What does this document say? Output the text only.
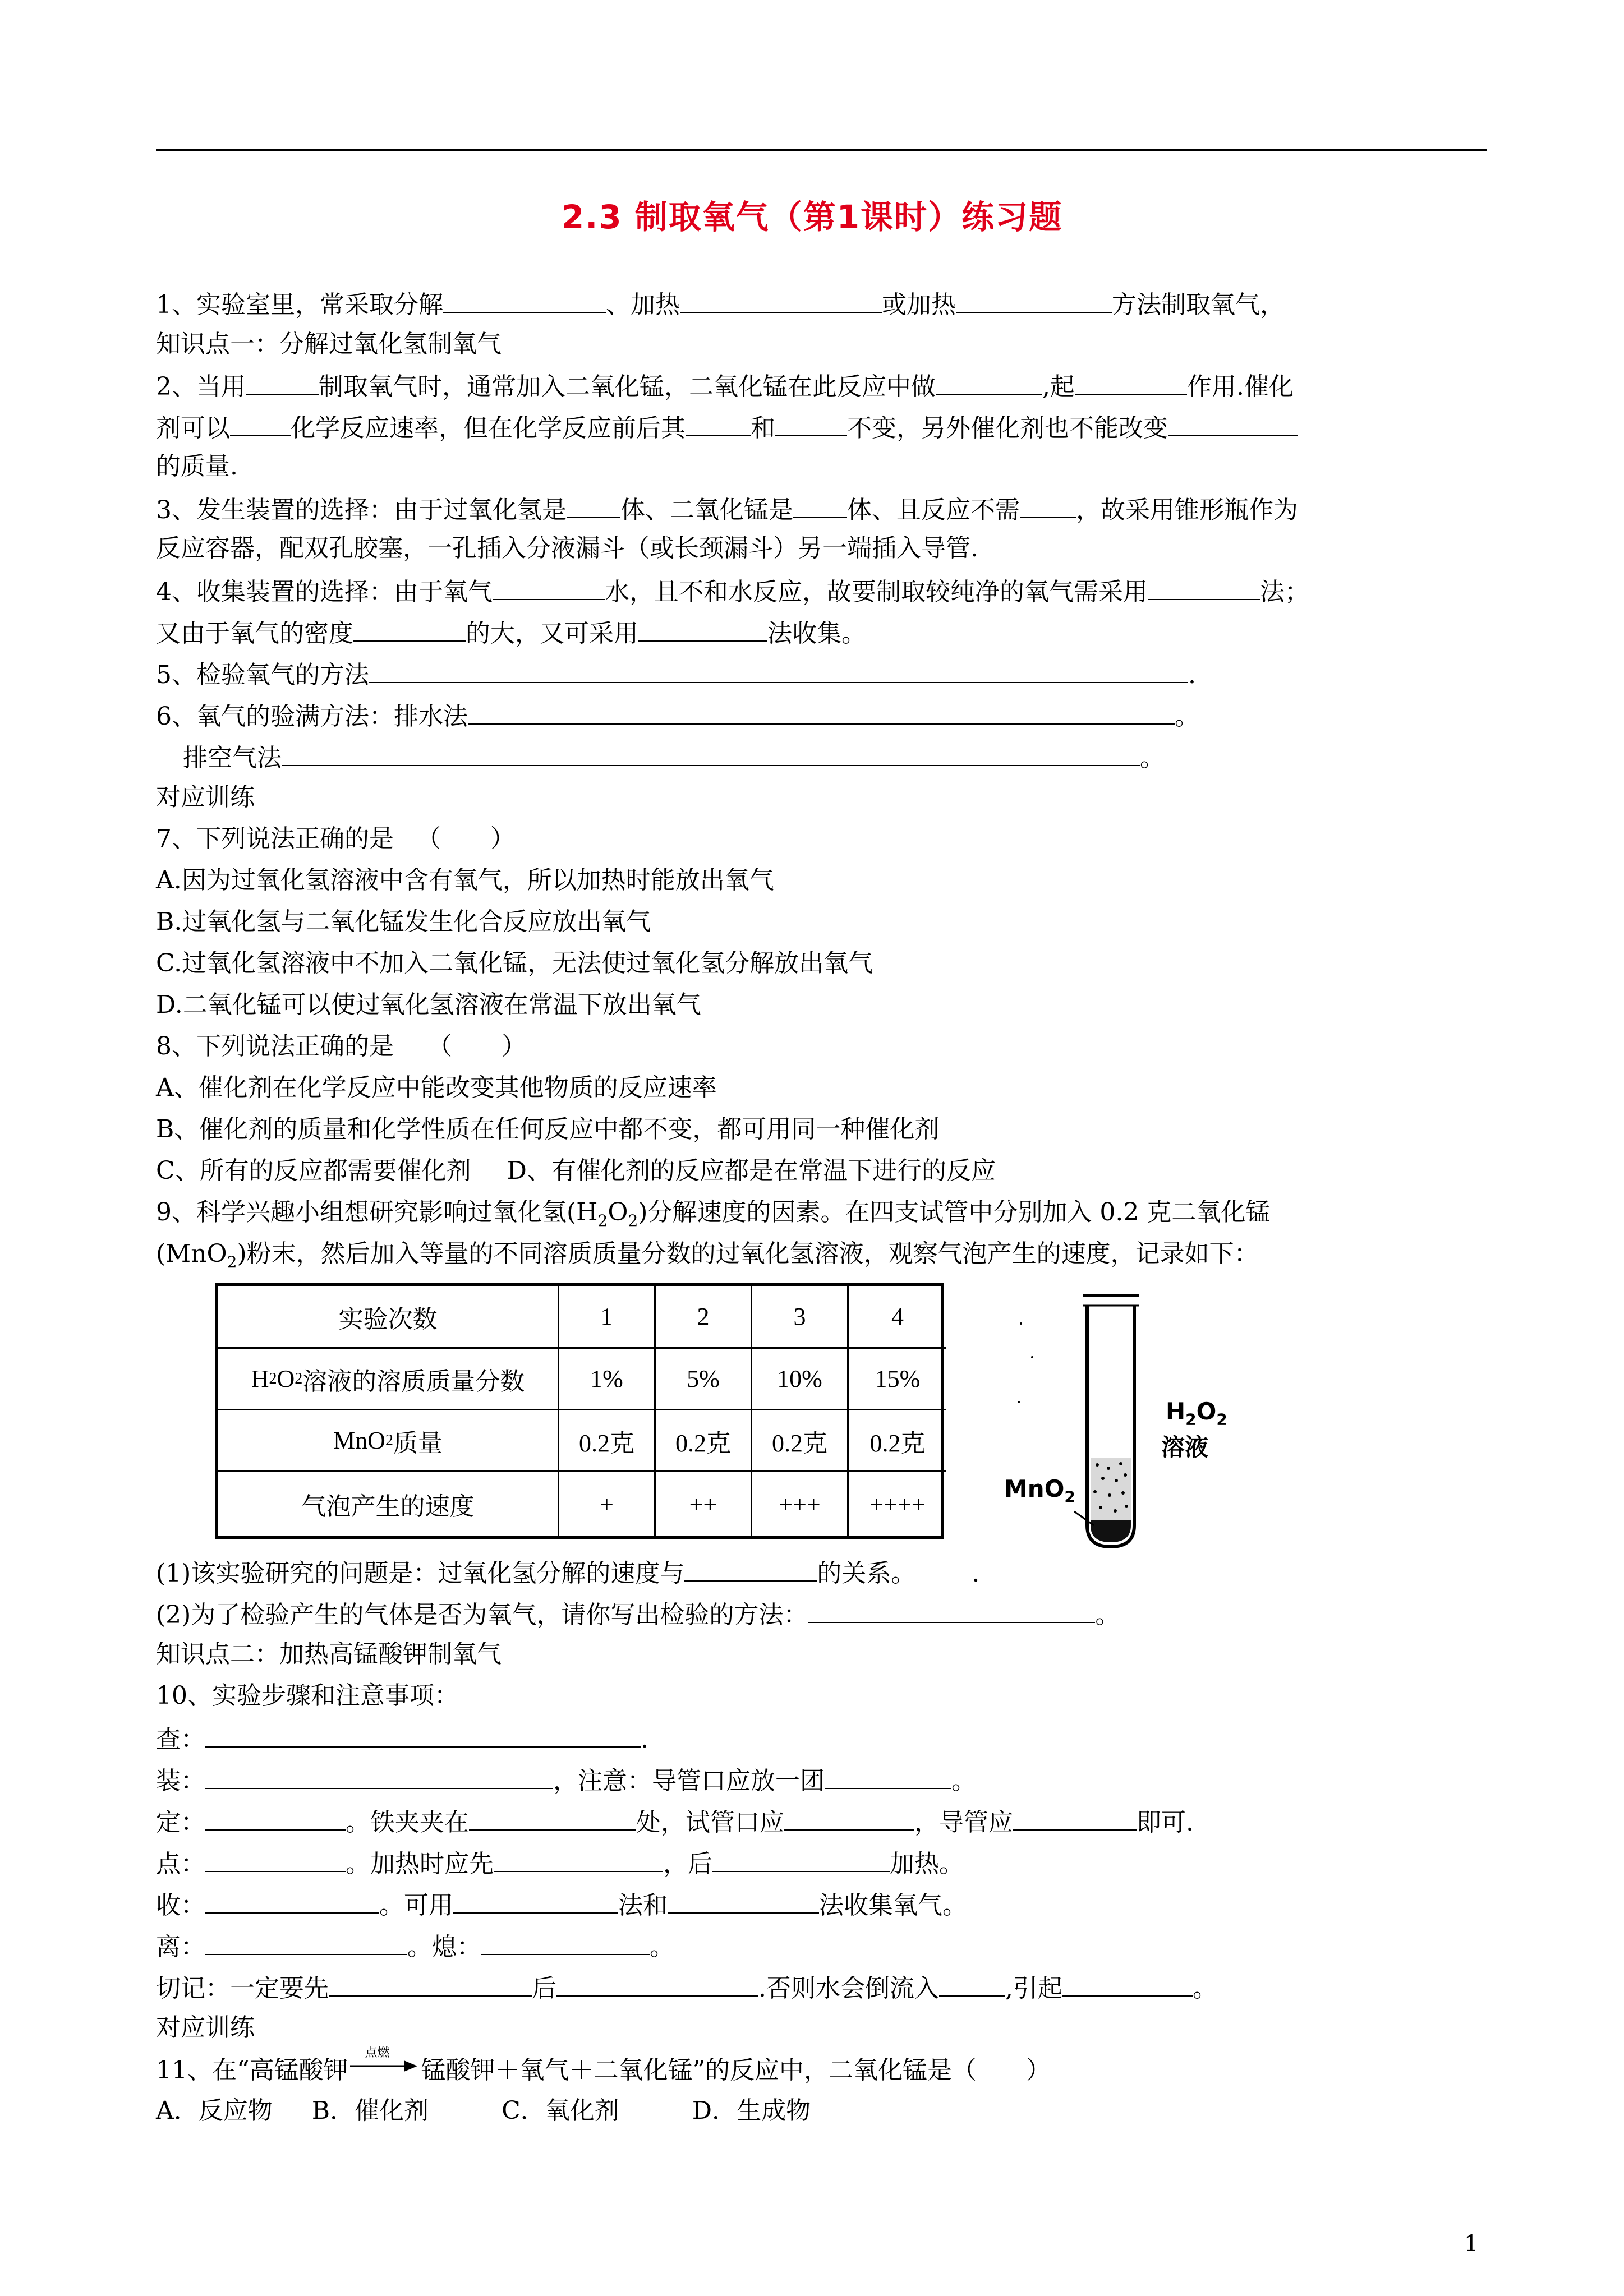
2.3 制取氧气（第1课时）练习题
1、实验室里，常采取分解	、加热	或加热	方法制取氧气，
知识点一：分解过氧化氢制氧气
2、当用	制取氧气时，通常加入二氧化锰，二氧化锰在此反应中做	,起	作用.催化
剂可以 化学反应速率，但在化学反应前后其	和	不变，另外催化剂也不能改变
的质量.
3、发生装置的选择：由于过氧化氢是 体、二氧化锰是 体、且反应不需 ，故采用锥形瓶作为
反应容器，配双孔胶塞，一孔插入分液漏斗（或长颈漏斗）另一端插入导管.
4、收集装置的选择：由于氧气	水，且不和水反应，故要制取较纯净的氧气需采用	法；
又由于氧气的密度	的大，又可采用	法收集。
5、检验氧气的方法	.
6、氧气的验满方法：排水法	。
排空气法	。
对应训练
7、下列说法正确的是 （　　）
A.因为过氧化氢溶液中含有氧气，所以加热时能放出氧气
B.过氧化氢与二氧化锰发生化合反应放出氧气
C.过氧化氢溶液中不加入二氧化锰，无法使过氧化氢分解放出氧气
D.二氧化锰可以使过氧化氢溶液在常温下放出氧气
8、下列说法正确的是 （　　）
A、催化剂在化学反应中能改变其他物质的反应速率
B、催化剂的质量和化学性质在任何反应中都不变，都可用同一种催化剂
C、所有的反应都需要催化剂 D、有催化剂的反应都是在常温下进行的反应
9、科学兴趣小组想研究影响过氧化氢$(H_2O_2)$分解速度的因素。在四支试管中分别加入 0.2 克二氧化锰
(MnO$_2$)粉末，然后加入等量的不同溶质质量分数的过氧化氢溶液，观察气泡产生的速度，记录如下：
实验次数	1	2	3	4
H 2 O 2 溶液的溶质质量分数	1%	5%	10%	15%
MnO 2 质量	0.2克	0.2克	0.2克	0.2克
气泡产生的速度	+	++	+++	++++
$H_2O_2$
溶液
MnO$_2$
(1)该实验研究的问题是：过氧化氢分解的速度与	的关系。 .
(2)为了检验产生的气体是否为氧气，请你写出检验的方法：	。
知识点二：加热高锰酸钾制氧气
10、实验步骤和注意事项：
查：	.
装：	，注意：导管口应放一团	。
定：	。铁夹夹在	处，试管口应	，导管应	即可.
点：	。加热时应先	，后	加热。
收：	。可用	法和	法收集氧气。
离：	。熄：	。
切记：一定要先	后	.否则水会倒流入	,引起	。
对应训练
11、在“高锰酸钾
点燃
锰酸钾＋氧气＋二氧化锰”的反应中，二氧化锰是（　　）
A．反应物 B．催化剂	C．氧化剂	D．生成物
1
